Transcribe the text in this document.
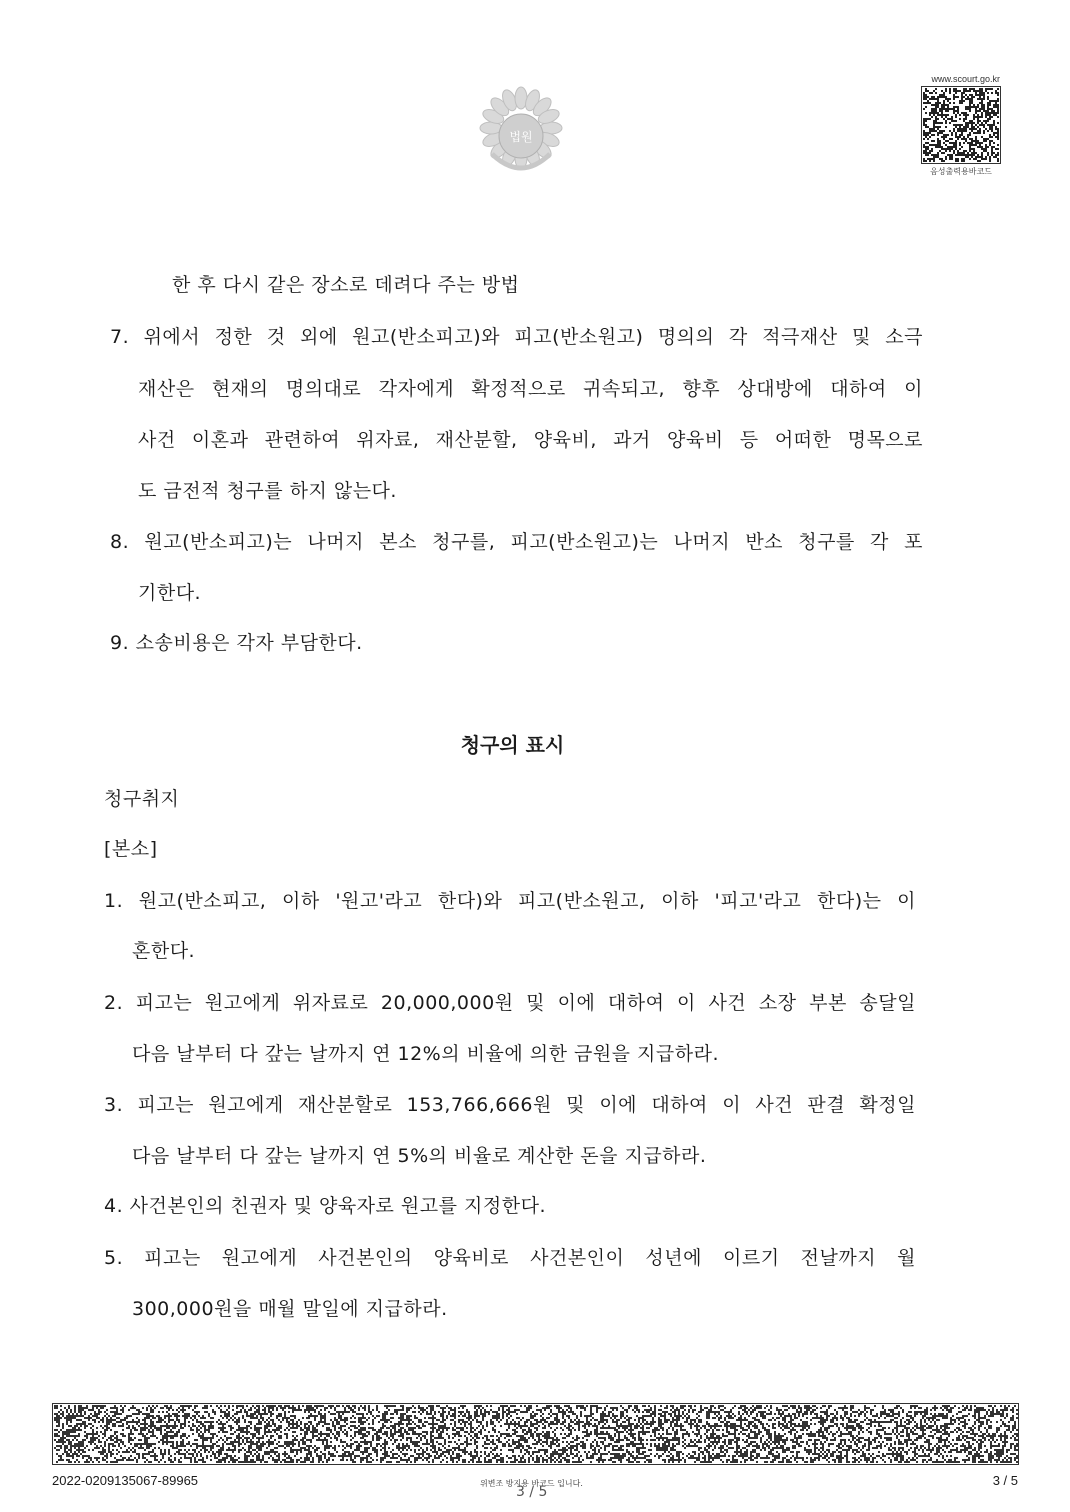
법원
www.scourt.go.kr
음성출력용바코드
한 후 다시 같은 장소로 데려다 주는 방법
7. 위에서 정한 것 외에 원고(반소피고)와 피고(반소원고) 명의의 각 적극재산 및 소극
재산은 현재의 명의대로 각자에게 확정적으로 귀속되고, 향후 상대방에 대하여 이
사건 이혼과 관련하여 위자료, 재산분할, 양육비, 과거 양육비 등 어떠한 명목으로
도 금전적 청구를 하지 않는다.
8. 원고(반소피고)는 나머지 본소 청구를, 피고(반소원고)는 나머지 반소 청구를 각 포
기한다.
9. 소송비용은 각자 부담한다.
청구의 표시
청구취지
[본소]
1. 원고(반소피고, 이하 '원고'라고 한다)와 피고(반소원고, 이하 '피고'라고 한다)는 이
혼한다.
2. 피고는 원고에게 위자료로 20,000,000원 및 이에 대하여 이 사건 소장 부본 송달일
다음 날부터 다 갚는 날까지 연 12%의 비율에 의한 금원을 지급하라.
3. 피고는 원고에게 재산분할로 153,766,666원 및 이에 대하여 이 사건 판결 확정일
다음 날부터 다 갚는 날까지 연 5%의 비율로 계산한 돈을 지급하라.
4. 사건본인의 친권자 및 양육자로 원고를 지정한다.
5. 피고는 원고에게 사건본인의 양육비로 사건본인이 성년에 이르기 전날까지 월
300,000원을 매월 말일에 지급하라.
2022-0209135067-89965	위변조 방지용 바코드 입니다.
3 / 5
3 / 5
